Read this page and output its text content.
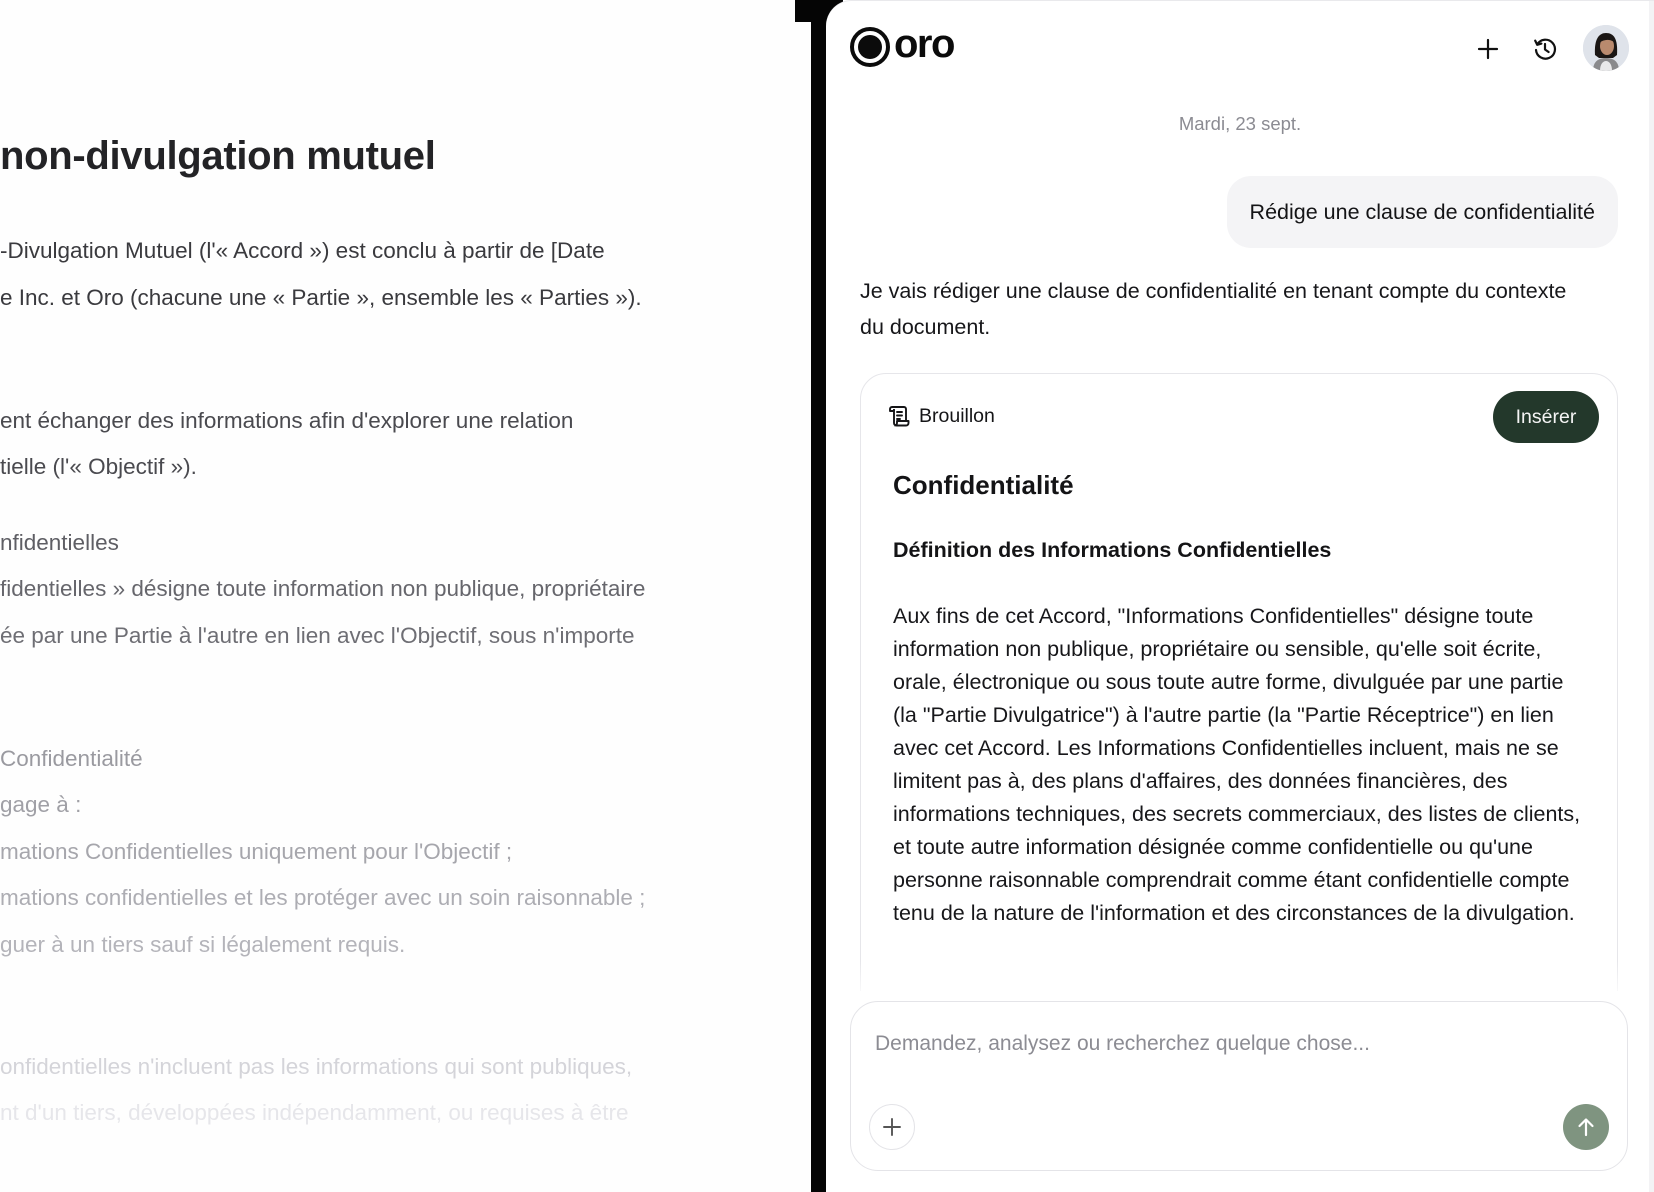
non-divulgation mutuel
-Divulgation Mutuel (l'« Accord ») est conclu à partir de [Date
e Inc. et Oro (chacune une « Partie », ensemble les « Parties »).
ent échanger des informations afin d'explorer une relation
tielle (l'« Objectif »).
nfidentielles
fidentielles » désigne toute information non publique, propriétaire
ée par une Partie à l'autre en lien avec l'Objectif, sous n'importe
Confidentialité
gage à :
mations Confidentielles uniquement pour l'Objectif ;
mations confidentielles et les protéger avec un soin raisonnable ;
guer à un tiers sauf si légalement requis.
onfidentielles n'incluent pas les informations qui sont publiques,
nt d'un tiers, développées indépendamment, ou requises à être
oro
Mardi, 23 sept.
Rédige une clause de confidentialité
Je vais rédiger une clause de confidentialité en tenant compte du contexte du document.
Brouillon	Insérer
Confidentialité
Définition des Informations Confidentielles
Aux fins de cet Accord, "Informations Confidentielles" désigne toute information non publique, propriétaire ou sensible, qu'elle soit écrite, orale, électronique ou sous toute autre forme, divulguée par une partie (la "Partie Divulgatrice") à l'autre partie (la "Partie Réceptrice") en lien avec cet Accord. Les Informations Confidentielles incluent, mais ne se limitent pas à, des plans d'affaires, des données financières, des informations techniques, des secrets commerciaux, des listes de clients, et toute autre information désignée comme confidentielle ou qu'une personne raisonnable comprendrait comme étant confidentielle compte tenu de la nature de l'information et des circonstances de la divulgation.
Demandez, analysez ou recherchez quelque chose...
